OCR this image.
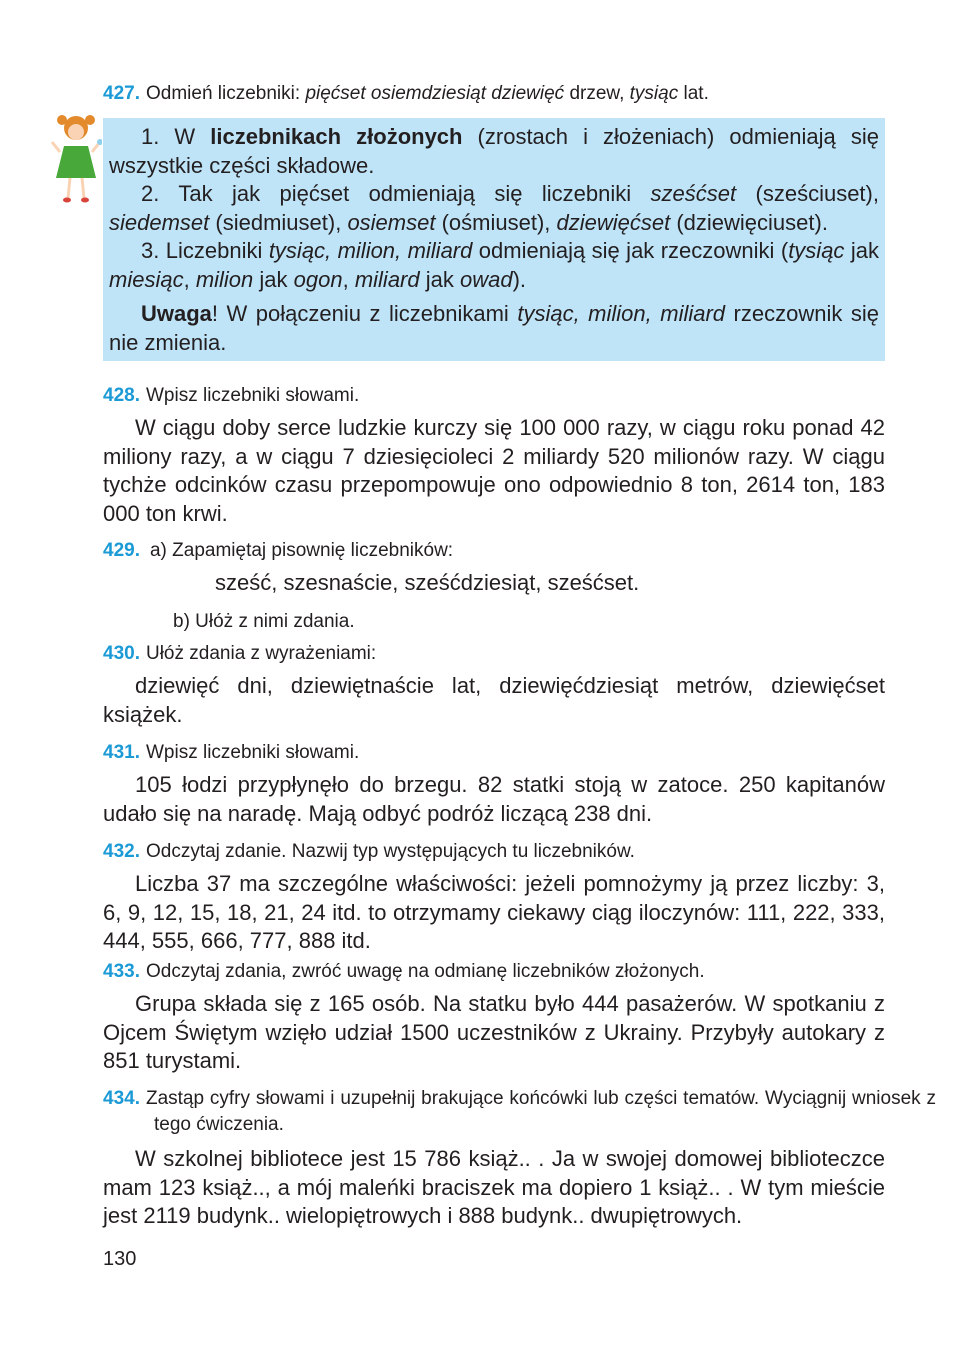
427. Odmień liczebniki: pięćset osiemdziesiąt dziewięć drzew, tysiąc lat.

1. W liczebnikach złożonych (zrostach i złożeniach) odmieniają się wszystkie części składowe.

2. Tak jak pięćset odmieniają się liczebniki sześćset (sześciuset), siedemset (siedmiuset), osiemset (ośmiuset), dziewięćset (dziewięciuset).

3. Liczebniki tysiąc, milion, miliard odmieniają się jak rzeczowniki (tysiąc jak miesiąc, milion jak ogon, miliard jak owad).

Uwaga! W połączeniu z liczebnikami tysiąc, milion, miliard rzeczownik się nie zmienia.

428. Wpisz liczebniki słowami.
W ciągu doby serce ludzkie kurczy się 100 000 razy, w ciągu roku ponad 42 miliony razy, a w ciągu 7 dziesięcioleci 2 miliardy 520 milionów razy. W ciągu tychże odcinków czasu przepompowuje ono odpowiednio 8 ton, 2614 ton, 183 000 ton krwi.
429. a) Zapamiętaj pisownię liczebników:
sześć, szesnaście, sześćdziesiąt, sześćset.
b) Ułóż z nimi zdania.
430. Ułóż zdania z wyrażeniami:
dziewięć dni, dziewiętnaście lat, dziewięćdziesiąt metrów, dziewięćset książek.
431. Wpisz liczebniki słowami.
105 łodzi przypłynęło do brzegu. 82 statki stoją w zatoce. 250 kapitanów udało się na naradę. Mają odbyć podróż liczącą 238 dni.
432. Odczytaj zdanie. Nazwij typ występujących tu liczebników.
Liczba 37 ma szczególne właściwości: jeżeli pomnożymy ją przez liczby: 3, 6, 9, 12, 15, 18, 21, 24 itd. to otrzymamy ciekawy ciąg iloczynów: 111, 222, 333, 444, 555, 666, 777, 888 itd.
433. Odczytaj zdania, zwróć uwagę na odmianę liczebników złożonych.
Grupa składa się z 165 osób. Na statku było 444 pasażerów. W spotkaniu z Ojcem Świętym wzięło udział 1500 uczestników z Ukrainy. Przybyły autokary z 851 turystami.
434. Zastąp cyfry słowami i uzupełnij brakujące końcówki lub części tematów. Wyciągnij wniosek z tego ćwiczenia.
W szkolnej bibliotece jest 15 786 książ.. . Ja w swojej domowej biblioteczce mam 123 książ.., a mój maleńki braciszek ma dopiero 1 książ.. . W tym mieście jest 2119 budynk.. wielopiętrowych i 888 budynk.. dwupiętrowych.
130
